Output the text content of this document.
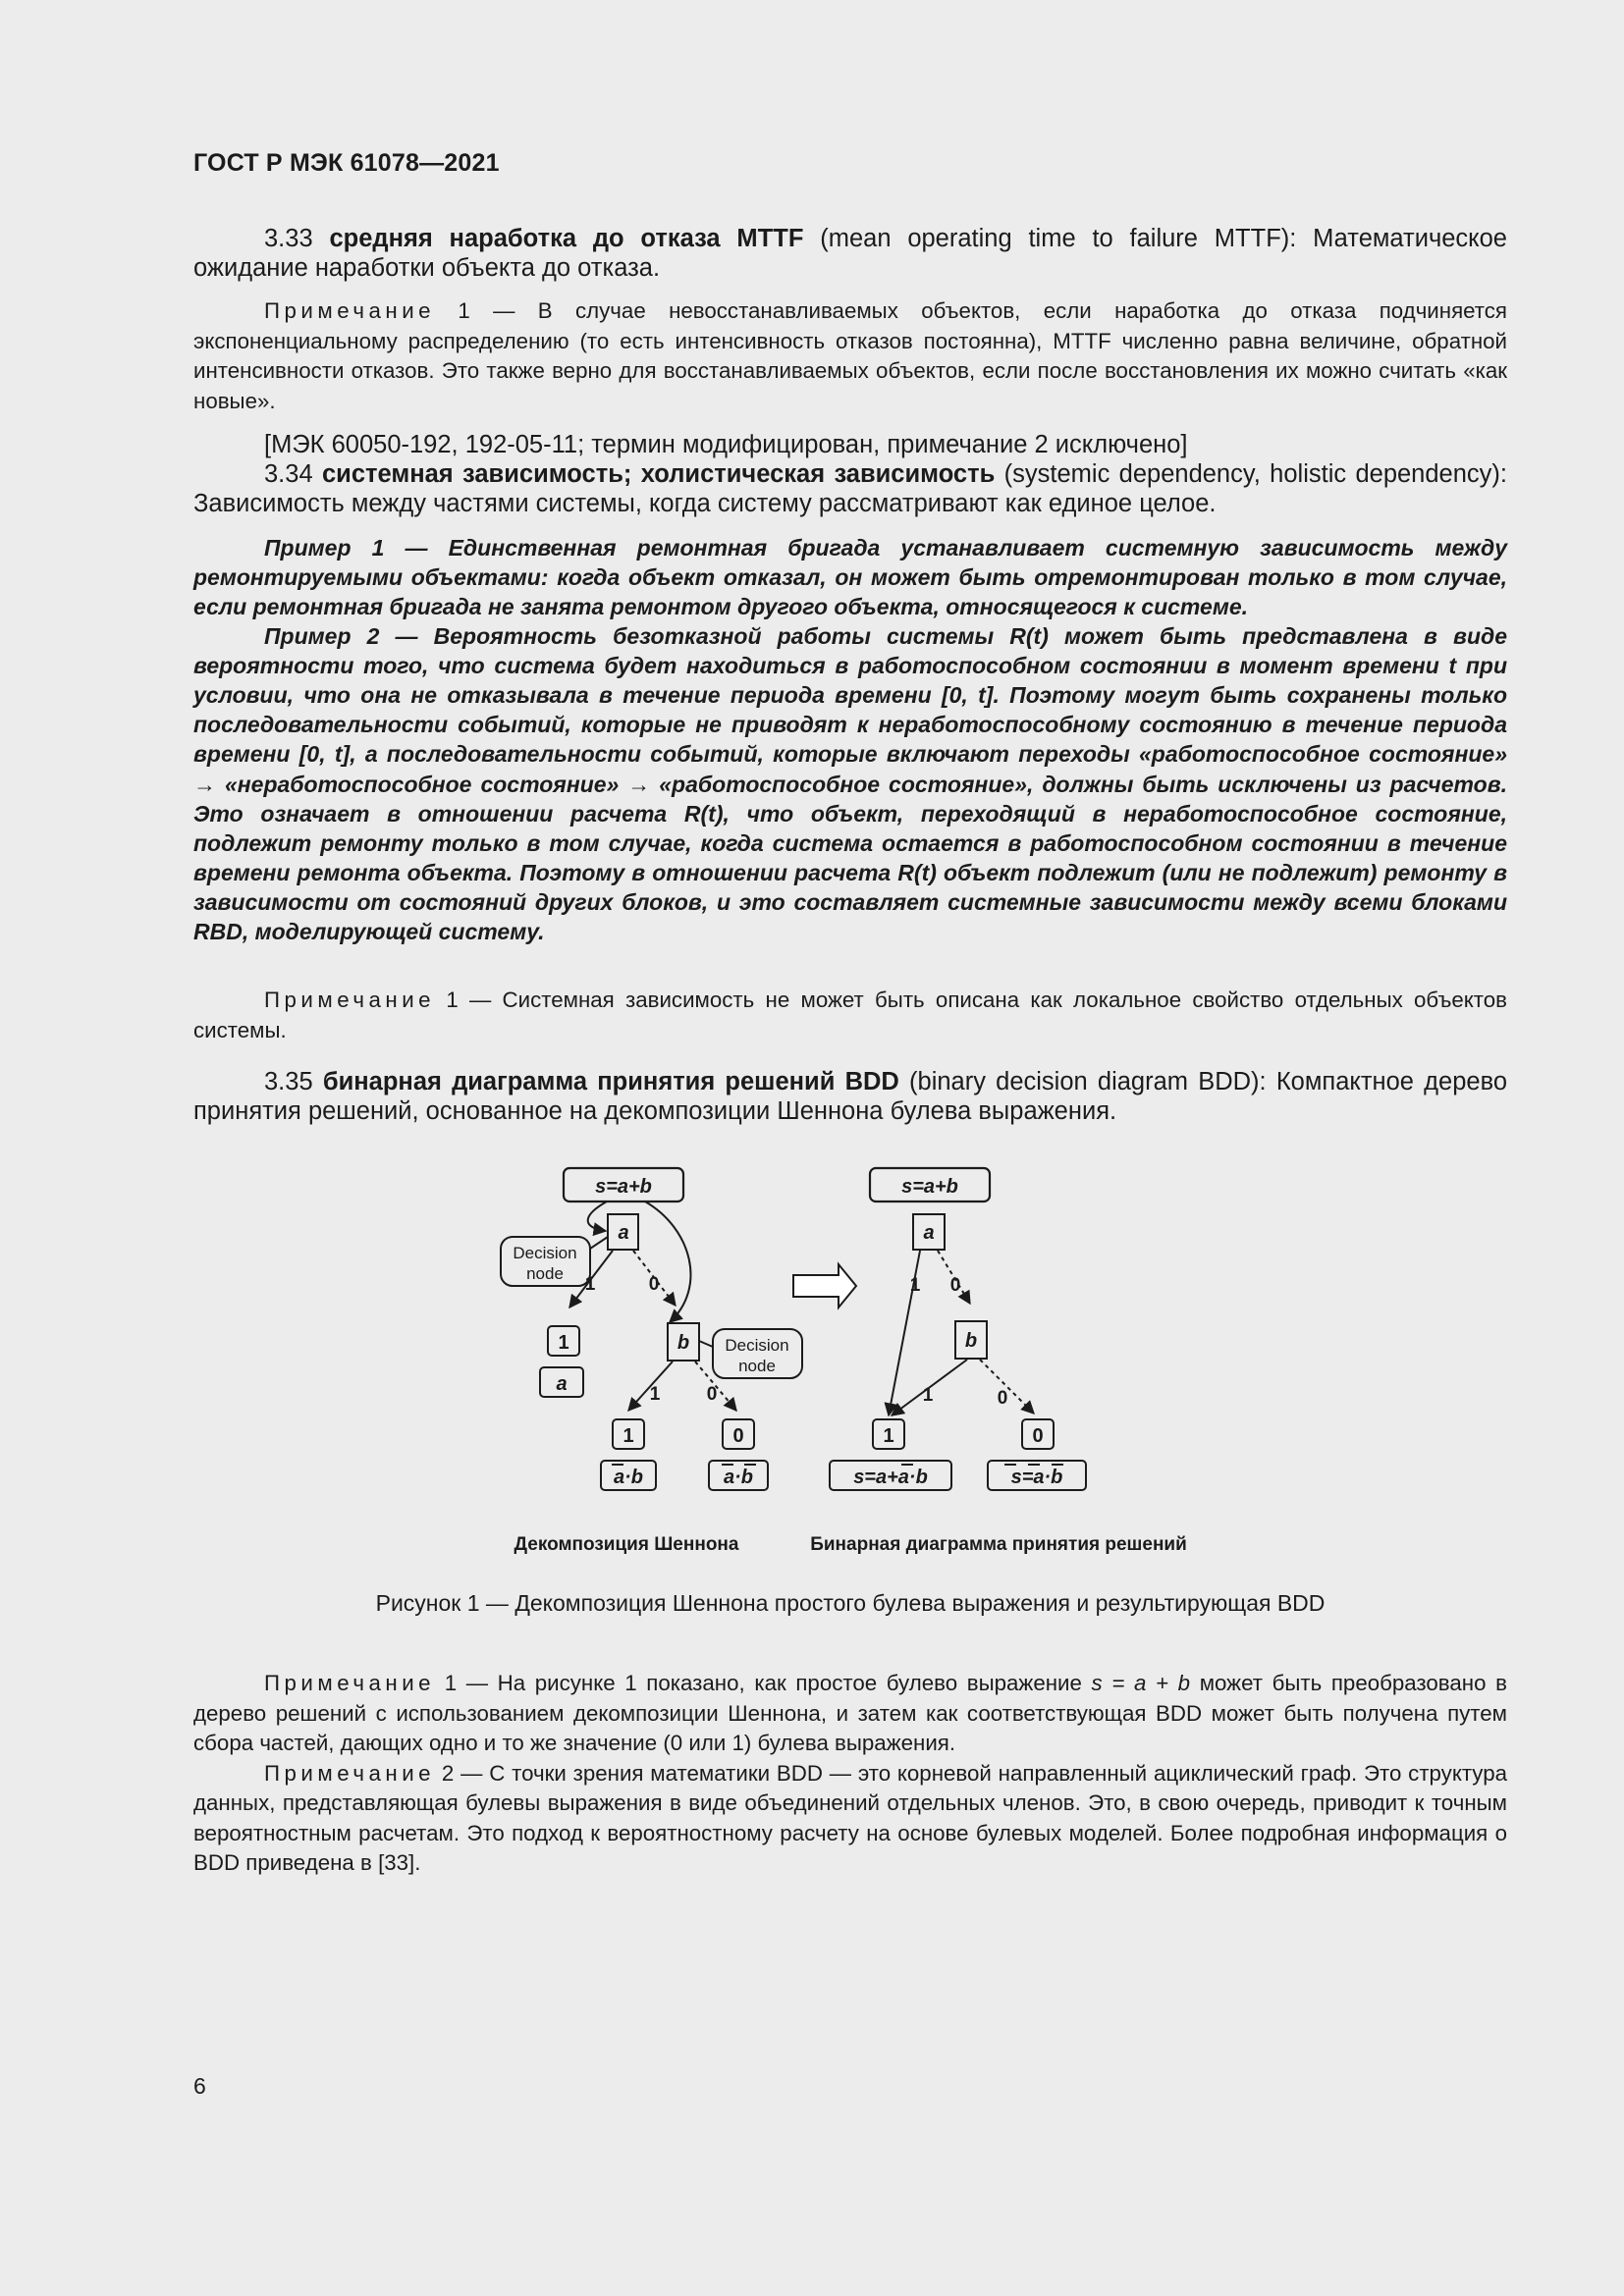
ГОСТ Р МЭК 61078—2021

3.33 средняя наработка до отказа MTTF (mean operating time to failure MTTF): Математическое ожидание наработки объекта до отказа.

Примечание 1 — В случае невосстанавливаемых объектов, если наработка до отказа подчиняется экспоненциальному распределению (то есть интенсивность отказов постоянна), MTTF численно равна величине, обратной интенсивности отказов. Это также верно для восстанавливаемых объектов, если после восстановления их можно считать «как новые».

[МЭК 60050-192, 192-05-11; термин модифицирован, примечание 2 исключено]

3.34 системная зависимость; холистическая зависимость (systemic dependency, holistic dependency): Зависимость между частями системы, когда систему рассматривают как единое целое.

Пример 1 — Единственная ремонтная бригада устанавливает системную зависимость между ремонтируемыми объектами: когда объект отказал, он может быть отремонтирован только в том случае, если ремонтная бригада не занята ремонтом другого объекта, относящегося к системе.

Пример 2 — Вероятность безотказной работы системы R(t) может быть представлена в виде вероятности того, что система будет находиться в работоспособном состоянии в момент времени t при условии, что она не отказывала в течение периода времени [0, t]. Поэтому могут быть сохранены только последовательности событий, которые не приводят к неработоспособному состоянию в течение периода времени [0, t], а последовательности событий, которые включают переходы «работоспособное состояние» → «неработоспособное состояние» → «работоспособное состояние», должны быть исключены из расчетов. Это означает в отношении расчета R(t), что объект, переходящий в неработоспособное состояние, подлежит ремонту только в том случае, когда система остается в работоспособном состоянии в течение времени ремонта объекта. Поэтому в отношении расчета R(t) объект подлежит (или не подлежит) ремонту в зависимости от состояний других блоков, и это составляет системные зависимости между всеми блоками RBD, моделирующей систему.

Примечание 1 — Системная зависимость не может быть описана как локальное свойство отдельных объектов системы.

3.35 бинарная диаграмма принятия решений BDD (binary decision diagram BDD): Компактное дерево принятия решений, основанное на декомпозиции Шеннона булева выражения.

s=a+b
a
Decision
node
1	0
1
a
b Decision
node
1 0
1	0
a·b	a·b
s=a+b
a
1 0
b
1	0
1	0
s=a+a·b	s=a·b
Декомпозиция Шеннона	Бинарная диаграмма принятия решений
Рисунок 1 — Декомпозиция Шеннона простого булева выражения и результирующая BDD

Примечание 1 — На рисунке 1 показано, как простое булево выражение s = a + b может быть преобразовано в дерево решений с использованием декомпозиции Шеннона, и затем как соответствующая BDD может быть получена путем сбора частей, дающих одно и то же значение (0 или 1) булева выражения.

Примечание 2 — С точки зрения математики BDD — это корневой направленный ациклический граф. Это структура данных, представляющая булевы выражения в виде объединений отдельных членов. Это, в свою очередь, приводит к точным вероятностным расчетам. Это подход к вероятностному расчету на основе булевых моделей. Более подробная информация о BDD приведена в [33].

6
